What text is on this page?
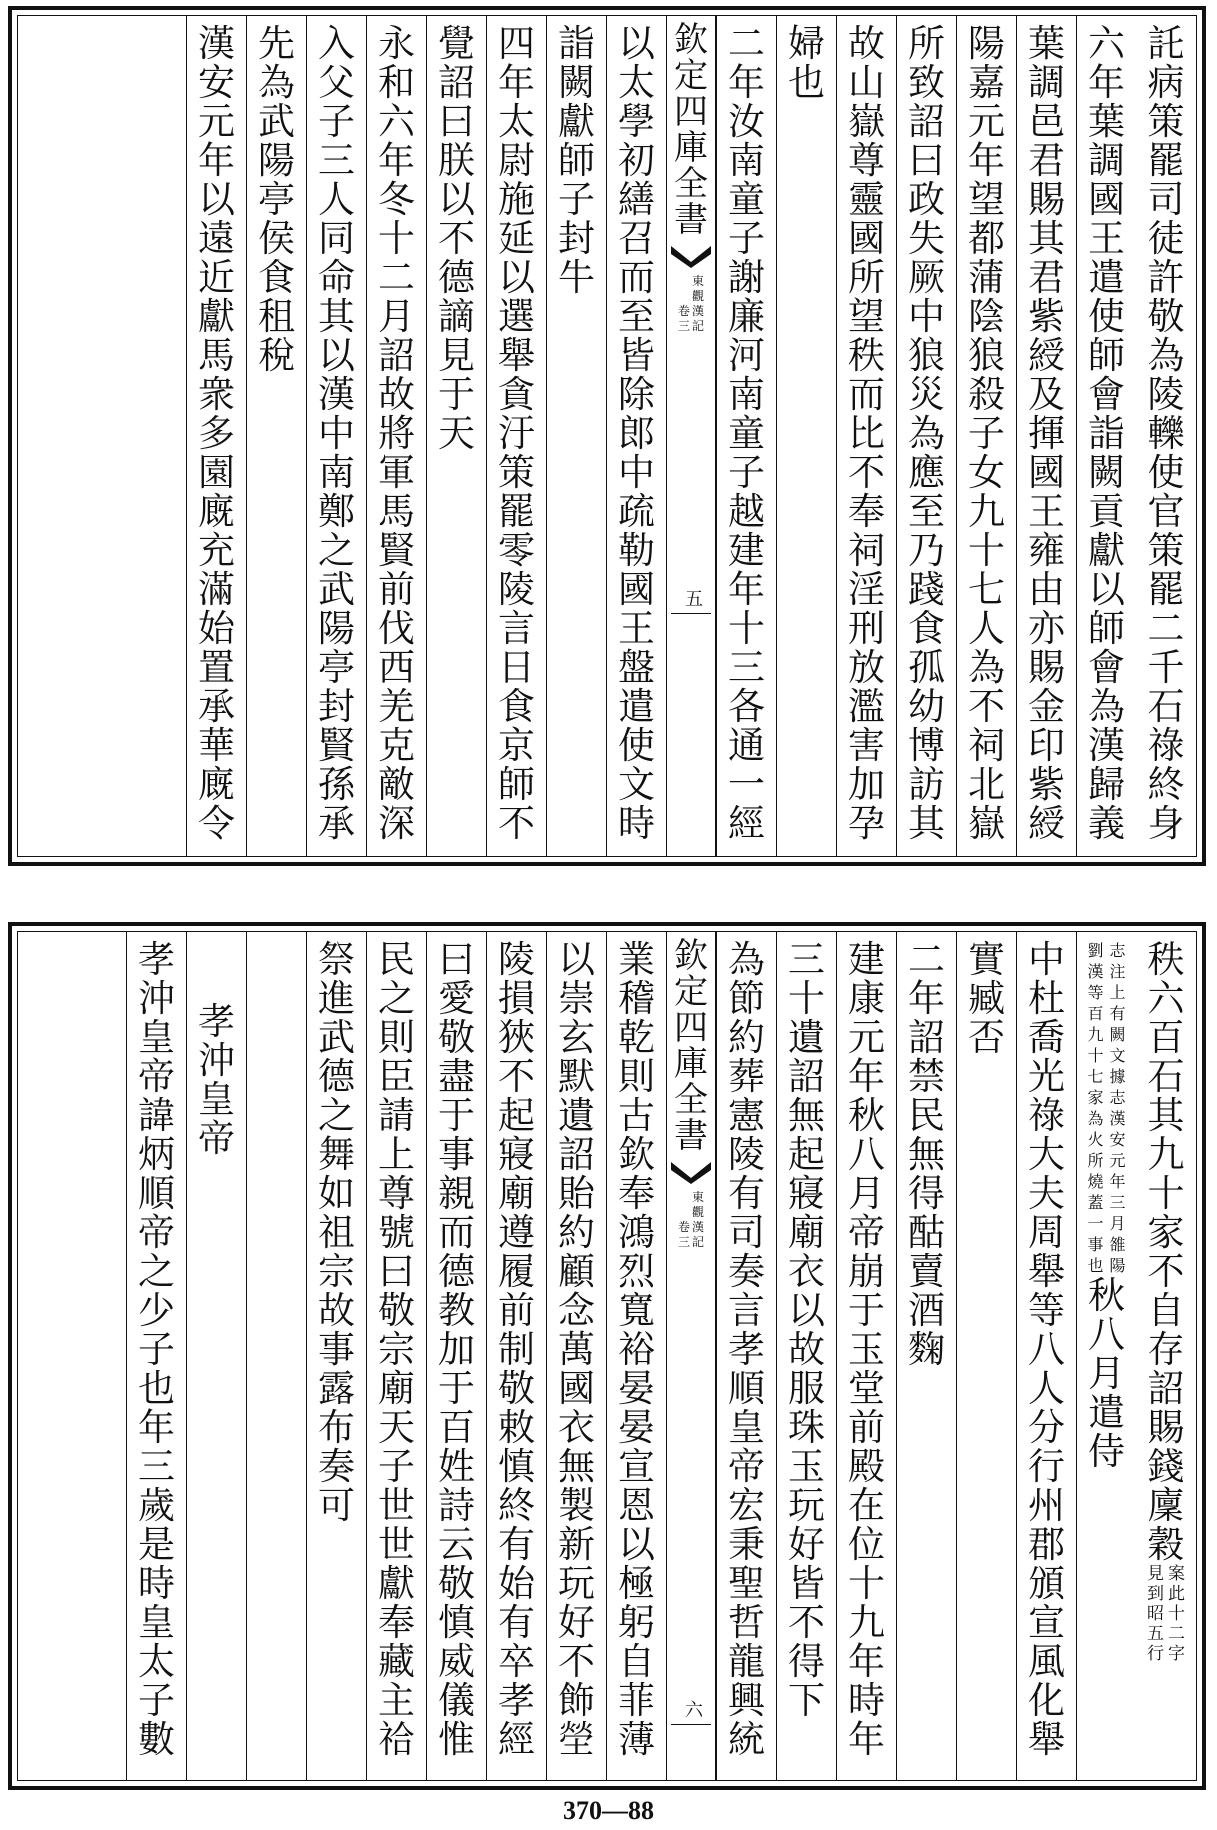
託
病
策
罷
司
徒
許
敬
為
陵
轢
使
官
策
罷
二
千
石
祿
終
身
六
年
葉
調
國
王
遣
使
師
會
詣
闕
貢
獻
以
師
會
為
漢
歸
義
葉
調
邑
君
賜
其
君
紫
綬
及
揮
國
王
雍
由
亦
賜
金
印
紫
綬
陽
嘉
元
年
望
都
蒲
陰
狼
殺
子
女
九
十
七
人
為
不
祠
北
嶽
所
致
詔
曰
政
失
厥
中
狼
災
為
應
至
乃
踐
食
孤
幼
博
訪
其
故
山
嶽
尊
靈
國
所
望
秩
而
比
不
奉
祠
淫
刑
放
濫
害
加
孕
婦
也
二
年
汝
南
童
子
謝
廉
河
南
童
子
越
建
年
十
三
各
通
一
經
欽
定
四
庫
全
書
東
觀
漢
記
卷
三
五
以
太
學
初
繕
召
而
至
皆
除
郎
中
疏
勒
國
王
盤
遣
使
文
時
詣
闕
獻
師
子
封
牛
四
年
太
尉
施
延
以
選
舉
貪
汙
策
罷
零
陵
言
日
食
京
師
不
覺
詔
曰
朕
以
不
德
謫
見
于
天
永
和
六
年
冬
十
二
月
詔
故
將
軍
馬
賢
前
伐
西
羌
克
敵
深
入
父
子
三
人
同
命
其
以
漢
中
南
鄭
之
武
陽
亭
封
賢
孫
承
先
為
武
陽
亭
侯
食
租
稅
漢
安
元
年
以
遠
近
獻
馬
衆
多
園
廐
充
滿
始
置
承
華
廐
令
秩
六
百
石
其
九
十
家
不
自
存
詔
賜
錢
廩
穀
案
此
十
二
字
見
到
昭
五
行
志
注
上
有
闕
文
據
志
漢
安
元
年
三
月
雒
陽
劉
漢
等
百
九
十
七
家
為
火
所
燒
蓋
一
事
也
秋
八
月
遣
侍
中
杜
喬
光
祿
大
夫
周
舉
等
八
人
分
行
州
郡
頒
宣
風
化
舉
實
臧
否
二
年
詔
禁
民
無
得
酤
賣
酒
麴
建
康
元
年
秋
八
月
帝
崩
于
玉
堂
前
殿
在
位
十
九
年
時
年
三
十
遺
詔
無
起
寢
廟
衣
以
故
服
珠
玉
玩
好
皆
不
得
下
為
節
約
葬
憲
陵
有
司
奏
言
孝
順
皇
帝
宏
秉
聖
哲
龍
興
統
欽
定
四
庫
全
書
東
觀
漢
記
卷
三
六
業
稽
乾
則
古
欽
奉
鴻
烈
寬
裕
晏
晏
宣
恩
以
極
躬
自
菲
薄
以
崇
玄
默
遺
詔
貽
約
顧
念
萬
國
衣
無
製
新
玩
好
不
飾
塋
陵
損
狹
不
起
寢
廟
遵
履
前
制
敬
敕
慎
終
有
始
有
卒
孝
經
曰
愛
敬
盡
于
事
親
而
德
教
加
于
百
姓
詩
云
敬
慎
威
儀
惟
民
之
則
臣
請
上
尊
號
曰
敬
宗
廟
天
子
世
世
獻
奉
藏
主
祫
祭
進
武
德
之
舞
如
祖
宗
故
事
露
布
奏
可
孝
沖
皇
帝
孝
沖
皇
帝
諱
炳
順
帝
之
少
子
也
年
三
歲
是
時
皇
太
子
數
370—88
